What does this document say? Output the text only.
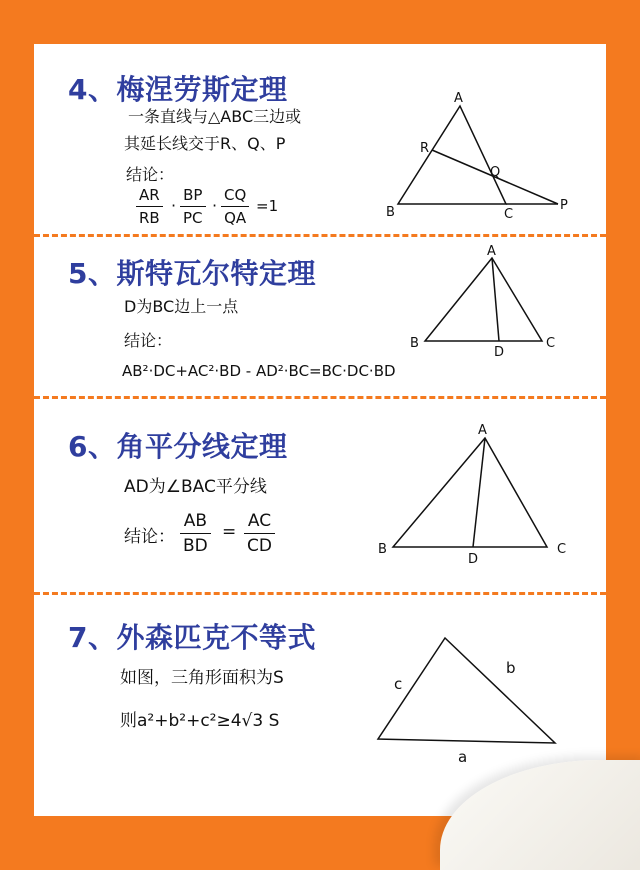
4、梅涅劳斯定理
一条直线与△ABC三边或
其延长线交于R、Q、P
结论：
AR
RB
·
BP
PC
·
CQ
QA
=1
A
B	C
P
Q
R
5、斯特瓦尔特定理
D为BC边上一点
结论：
AB²·DC+AC²·BD - AD²·BC=BC·DC·BD
A
B	C
D
6、角平分线定理
AD为∠BAC平分线
结论：
AB
BD
=
AC
CD
A
B	C
D
7、外森匹克不等式
如图，三角形面积为S
则a²+b²+c²≥4√3 S
a
b
c
